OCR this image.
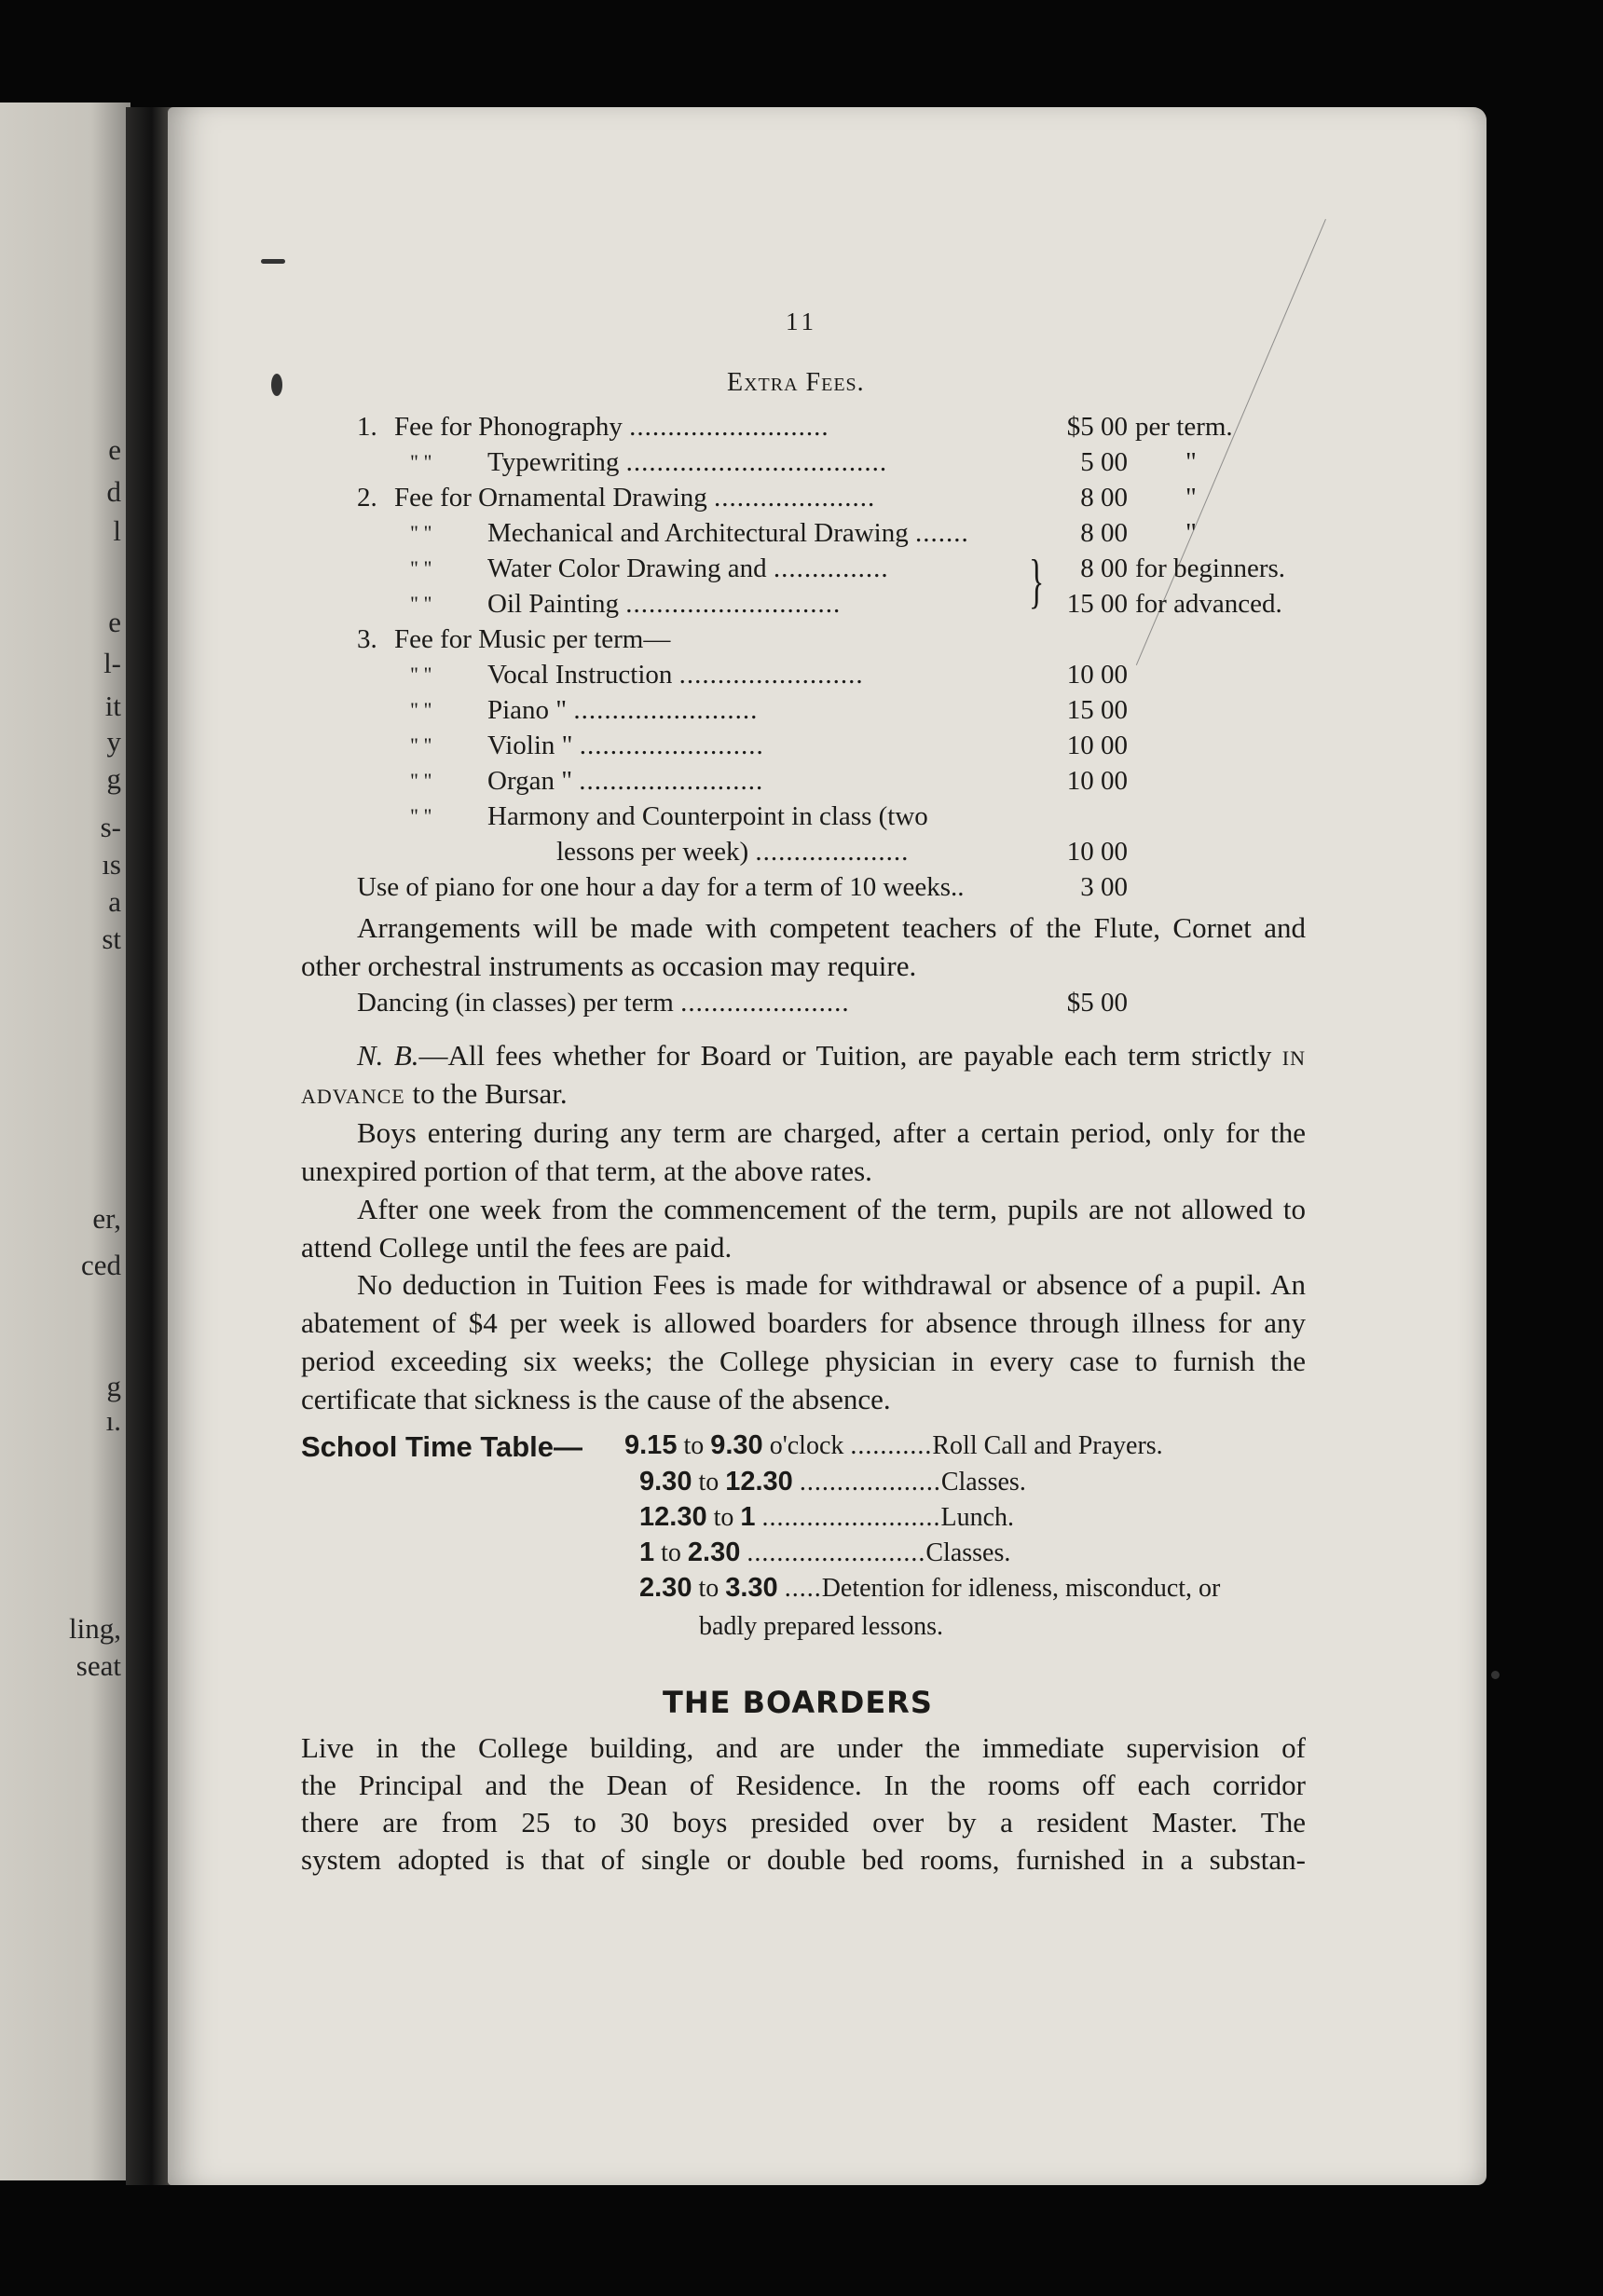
e
d
l
e
l-
it
y
g
s-
ıs
a
st
er,
ced
g
ı.
ling,
seat
11
Extra Fees.
1. Fee for Phonography ..........................	$5 00 per term.
" " Typewriting ..................................	5 00 "
2. Fee for Ornamental Drawing .....................	8 00 "
" " Mechanical and Architectural Drawing .......	8 00 "
" " Water Color Drawing and ...............	8 00 for beginners.
" " Oil Painting ............................	15 00 for advanced.
3. Fee for Music per term—
" " Vocal Instruction ........................	10 00
" " Piano " ........................	15 00
" " Violin " ........................	10 00
" " Organ " ........................	10 00
" " Harmony and Counterpoint in class (two
lessons per week) ....................	10 00
Use of piano for one hour a day for a term of 10 weeks..	3 00
}
Arrangements will be made with competent teachers of the Flute, Cornet and other orchestral instruments as occasion may require.
Dancing (in classes) per term ......................	$5 00
N. B.—All fees whether for Board or Tuition, are payable each term strictly in advance to the Bursar.
Boys entering during any term are charged, after a certain period, only for the unexpired portion of that term, at the above rates.
After one week from the commencement of the term, pupils are not allowed to attend College until the fees are paid.
No deduction in Tuition Fees is made for withdrawal or absence of a pupil. An abatement of $4 per week is allowed boarders for absence through illness for any period exceeding six weeks; the College physician in every case to furnish the certificate that sickness is the cause of the absence.
School Time Table— 9.15 to 9.30 o'clock ...........Roll Call and Prayers.
9.30 to 12.30 ...................Classes.
12.30 to 1 ........................Lunch.
1 to 2.30 ........................Classes.
2.30 to 3.30 .....Detention for idleness, misconduct, or
badly prepared lessons.
THE BOARDERS
Live in the College building, and are under the immediate supervision of
the Principal and the Dean of Residence. In the rooms off each corridor
there are from 25 to 30 boys presided over by a resident Master. The
system adopted is that of single or double bed rooms, furnished in a substan-
